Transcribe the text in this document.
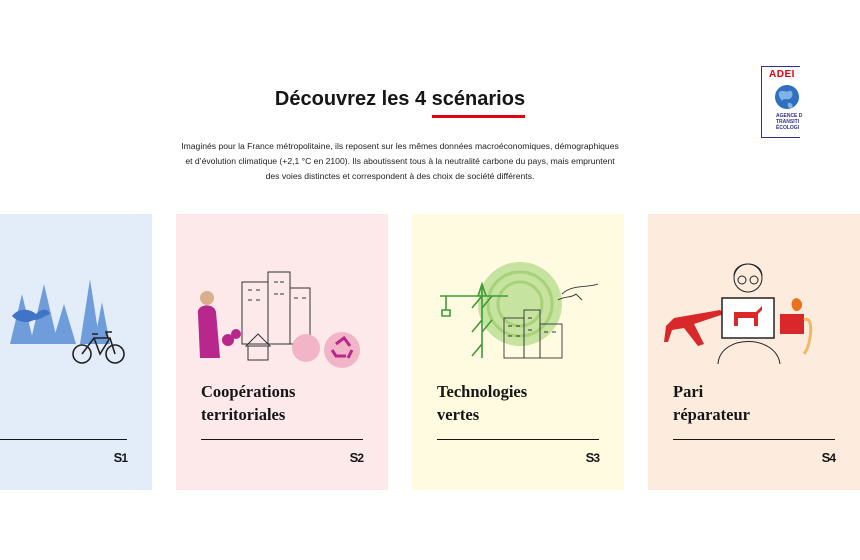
ADEI
AGENCE D
TRANSITI
ÉCOLOGI
Découvrez les 4 scénarios
Imaginés pour la France métropolitaine, ils reposent sur les mêmes données macroéconomiques, démographiques
et d’évolution climatique (+2,1 °C en 2100). Ils aboutissent tous à la neutralité carbone du pays, mais empruntent
des voies distinctes et correspondent à des choix de société différents.
S1
Coopérations
territoriales
S2
Technologies
vertes
S3
Pari
réparateur
S4
